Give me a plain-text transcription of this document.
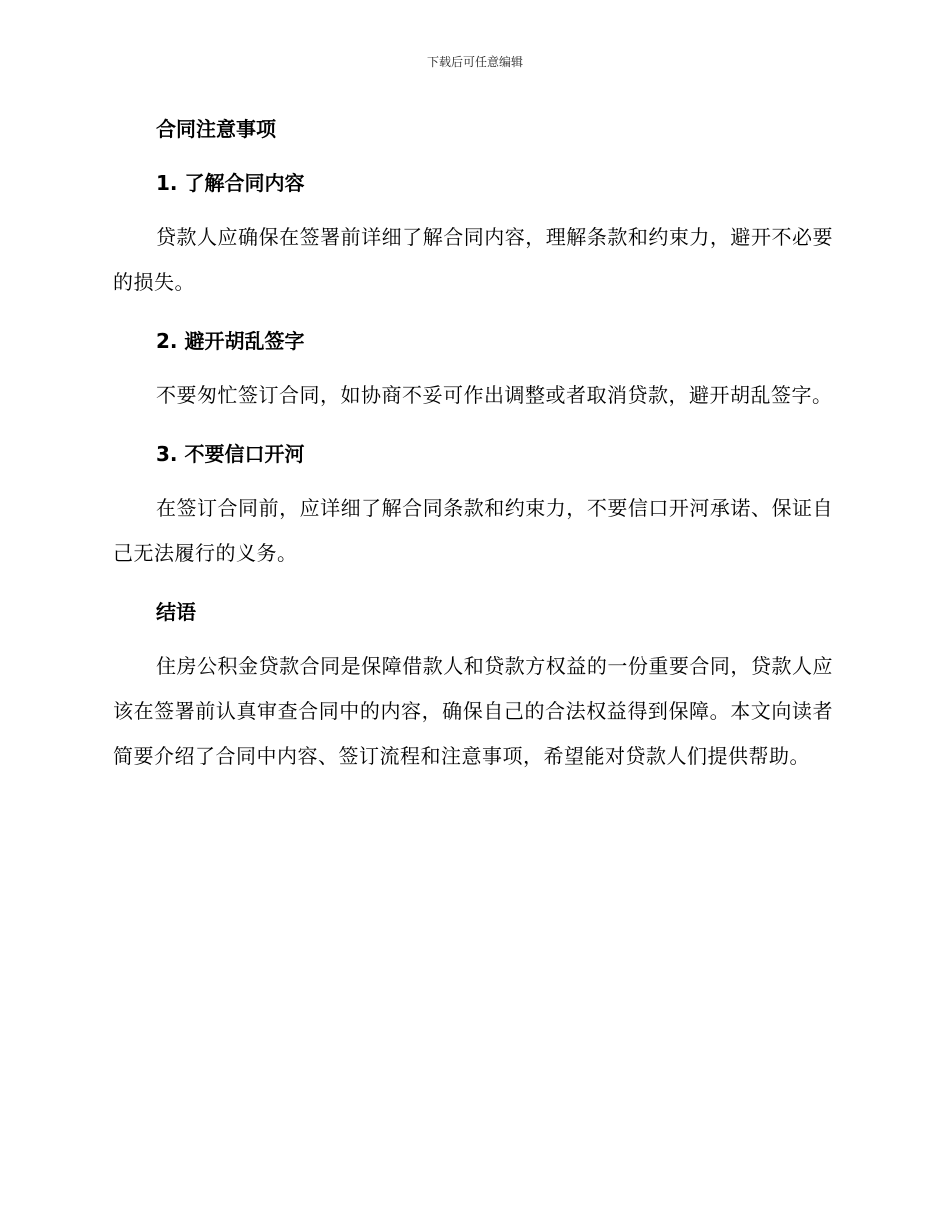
下载后可任意编辑
合同注意事项
1. 了解合同内容

贷款人应确保在签署前详细了解合同内容，理解条款和约束力，避开不必要的损失。

2. 避开胡乱签字

不要匆忙签订合同，如协商不妥可作出调整或者取消贷款，避开胡乱签字。

3. 不要信口开河

在签订合同前，应详细了解合同条款和约束力，不要信口开河承诺、保证自己无法履行的义务。

结语

住房公积金贷款合同是保障借款人和贷款方权益的一份重要合同，贷款人应该在签署前认真审查合同中的内容，确保自己的合法权益得到保障。本文向读者简要介绍了合同中内容、签订流程和注意事项，希望能对贷款人们提供帮助。
